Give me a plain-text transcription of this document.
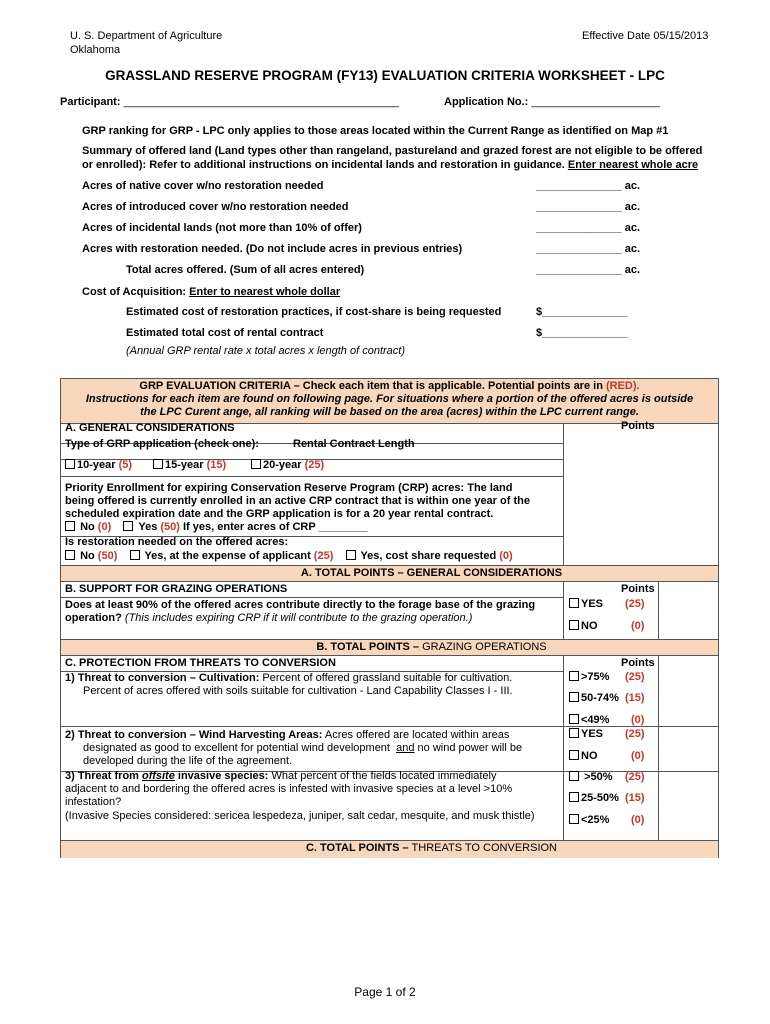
U. S. Department of Agriculture
Oklahoma
Effective Date 05/15/2013
GRASSLAND RESERVE PROGRAM (FY13) EVALUATION CRITERIA WORKSHEET - LPC
Participant: _____________________________________________	Application No.: _____________________
GRP ranking for GRP - LPC only applies to those areas located within the Current Range as identified on Map #1
Summary of offered land (Land types other than rangeland, pastureland and grazed forest are not eligible to be offered
or enrolled): Refer to additional instructions on incidental lands and restoration in guidance. Enter nearest whole acre
Acres of native cover w/no restoration needed	______________ ac.
Acres of introduced cover w/no restoration needed	______________ ac.
Acres of incidental lands (not more than 10% of offer)	______________ ac.
Acres with restoration needed. (Do not include acres in previous entries)	______________ ac.
Total acres offered. (Sum of all acres entered)	______________ ac.
Cost of Acquisition: Enter to nearest whole dollar
Estimated cost of restoration practices, if cost-share is being requested	$______________
Estimated total cost of rental contract	$______________
(Annual GRP rental rate x total acres x length of contract)
GRP EVALUATION CRITERIA – Check each item that is applicable. Potential points are in (RED).
Instructions for each item are found on following page. For situations where a portion of the offered acres is outside
the LPC Curent ange, all ranking will be based on the area (acres) within the LPC current range.
A. GENERAL CONSIDERATIONS	Points
Type of GRP application (check one):	Rental Contract Length
10-year (5)	15-year (15)	20-year (25)
Priority Enrollment for expiring Conservation Reserve Program (CRP) acres: The land
being offered is currently enrolled in an active CRP contract that is within one year of the
scheduled expiration date and the GRP application is for a 20 year rental contract.
No (0) Yes (50) If yes, enter acres of CRP ________
Is restoration needed on the offered acres:
No (50) Yes, at the expense of applicant (25) Yes, cost share requested (0)
A. TOTAL POINTS – GENERAL CONSIDERATIONS
B. SUPPORT FOR GRAZING OPERATIONS	Points
Does at least 90% of the offered acres contribute directly to the forage base of the grazing
operation? (This includes expiring CRP if it will contribute to the grazing operation.)
YES (25)
NO	(0)
B. TOTAL POINTS – GRAZING OPERATIONS
C. PROTECTION FROM THREATS TO CONVERSION	Points
1) Threat to conversion – Cultivation: Percent of offered grassland suitable for cultivation.
Percent of acres offered with soils suitable for cultivation - Land Capability Classes I - III.
>75% (25)
50-74% (15)
<49% (0)
2) Threat to conversion – Wind Harvesting Areas: Acres offered are located within areas
designated as good to excellent for potential wind development and no wind power will be
developed during the life of the agreement.
YES (25)
NO	(0)
3) Threat from offsite invasive species: What percent of the fields located immediately
adjacent to and bordering the offered acres is infested with invasive species at a level >10%
infestation?
(Invasive Species considered: sericea lespedeza, juniper, salt cedar, mesquite, and musk thistle)
>50% (25)
25-50% (15)
<25% (0)
C. TOTAL POINTS – THREATS TO CONVERSION
Page 1 of 2
